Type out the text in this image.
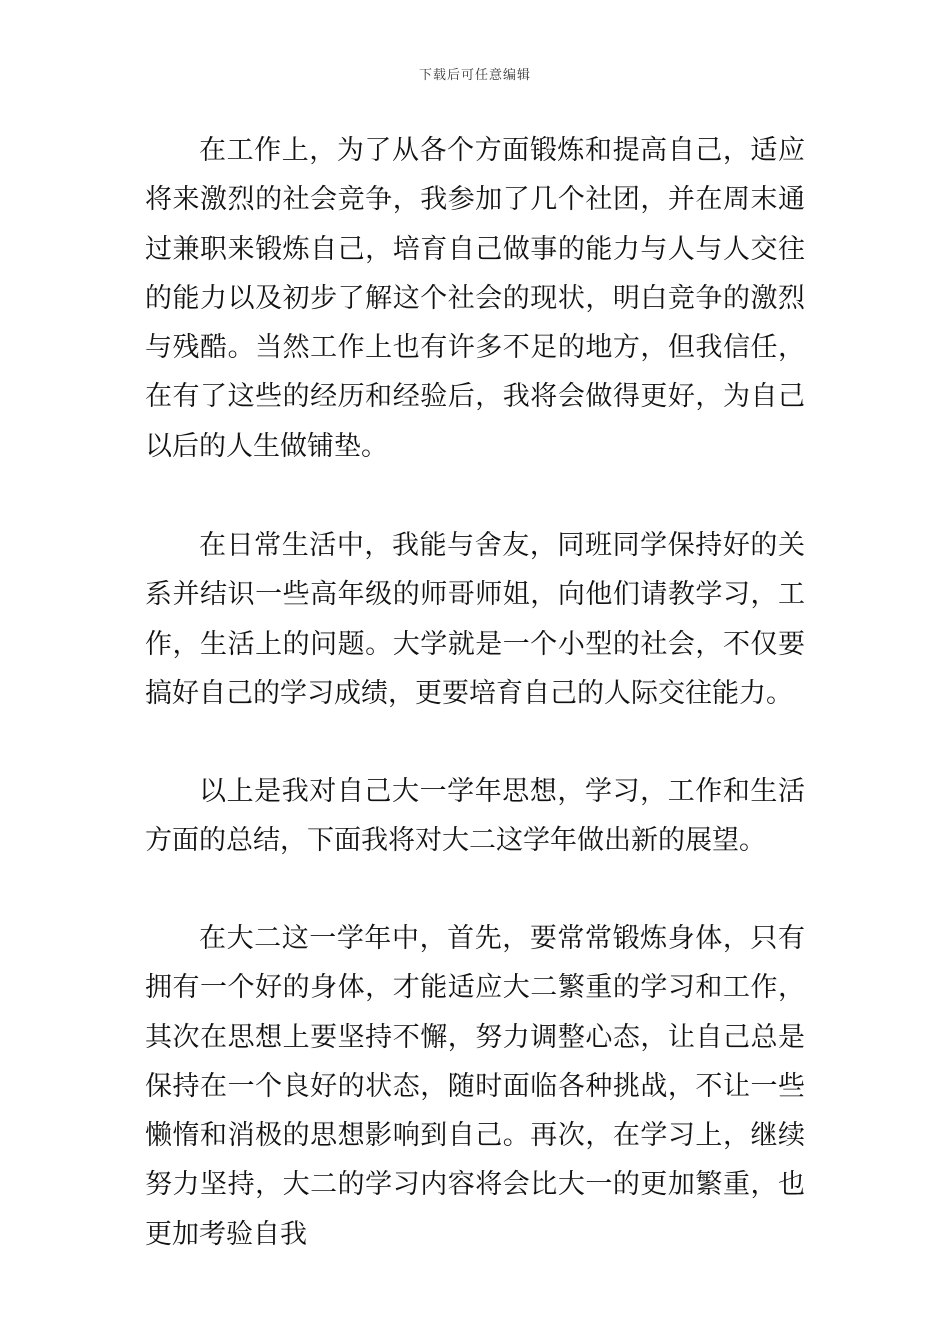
下载后可任意编辑

在工作上，为了从各个方面锻炼和提高自己，适应将来激烈的社会竞争，我参加了几个社团，并在周末通过兼职来锻炼自己，培育自己做事的能力与人与人交往的能力以及初步了解这个社会的现状，明白竞争的激烈与残酷。当然工作上也有许多不足的地方，但我信任，在有了这些的经历和经验后，我将会做得更好，为自己以后的人生做铺垫。

在日常生活中，我能与舍友，同班同学保持好的关系并结识一些高年级的师哥师姐，向他们请教学习，工作，生活上的问题。大学就是一个小型的社会，不仅要搞好自己的学习成绩，更要培育自己的人际交往能力。

以上是我对自己大一学年思想，学习，工作和生活方面的总结，下面我将对大二这学年做出新的展望。

在大二这一学年中，首先，要常常锻炼身体，只有拥有一个好的身体，才能适应大二繁重的学习和工作，其次在思想上要坚持不懈，努力调整心态，让自己总是保持在一个良好的状态，随时面临各种挑战，不让一些懒惰和消极的思想影响到自己。再次，在学习上，继续努力坚持，大二的学习内容将会比大一的更加繁重，也更加考验自我
